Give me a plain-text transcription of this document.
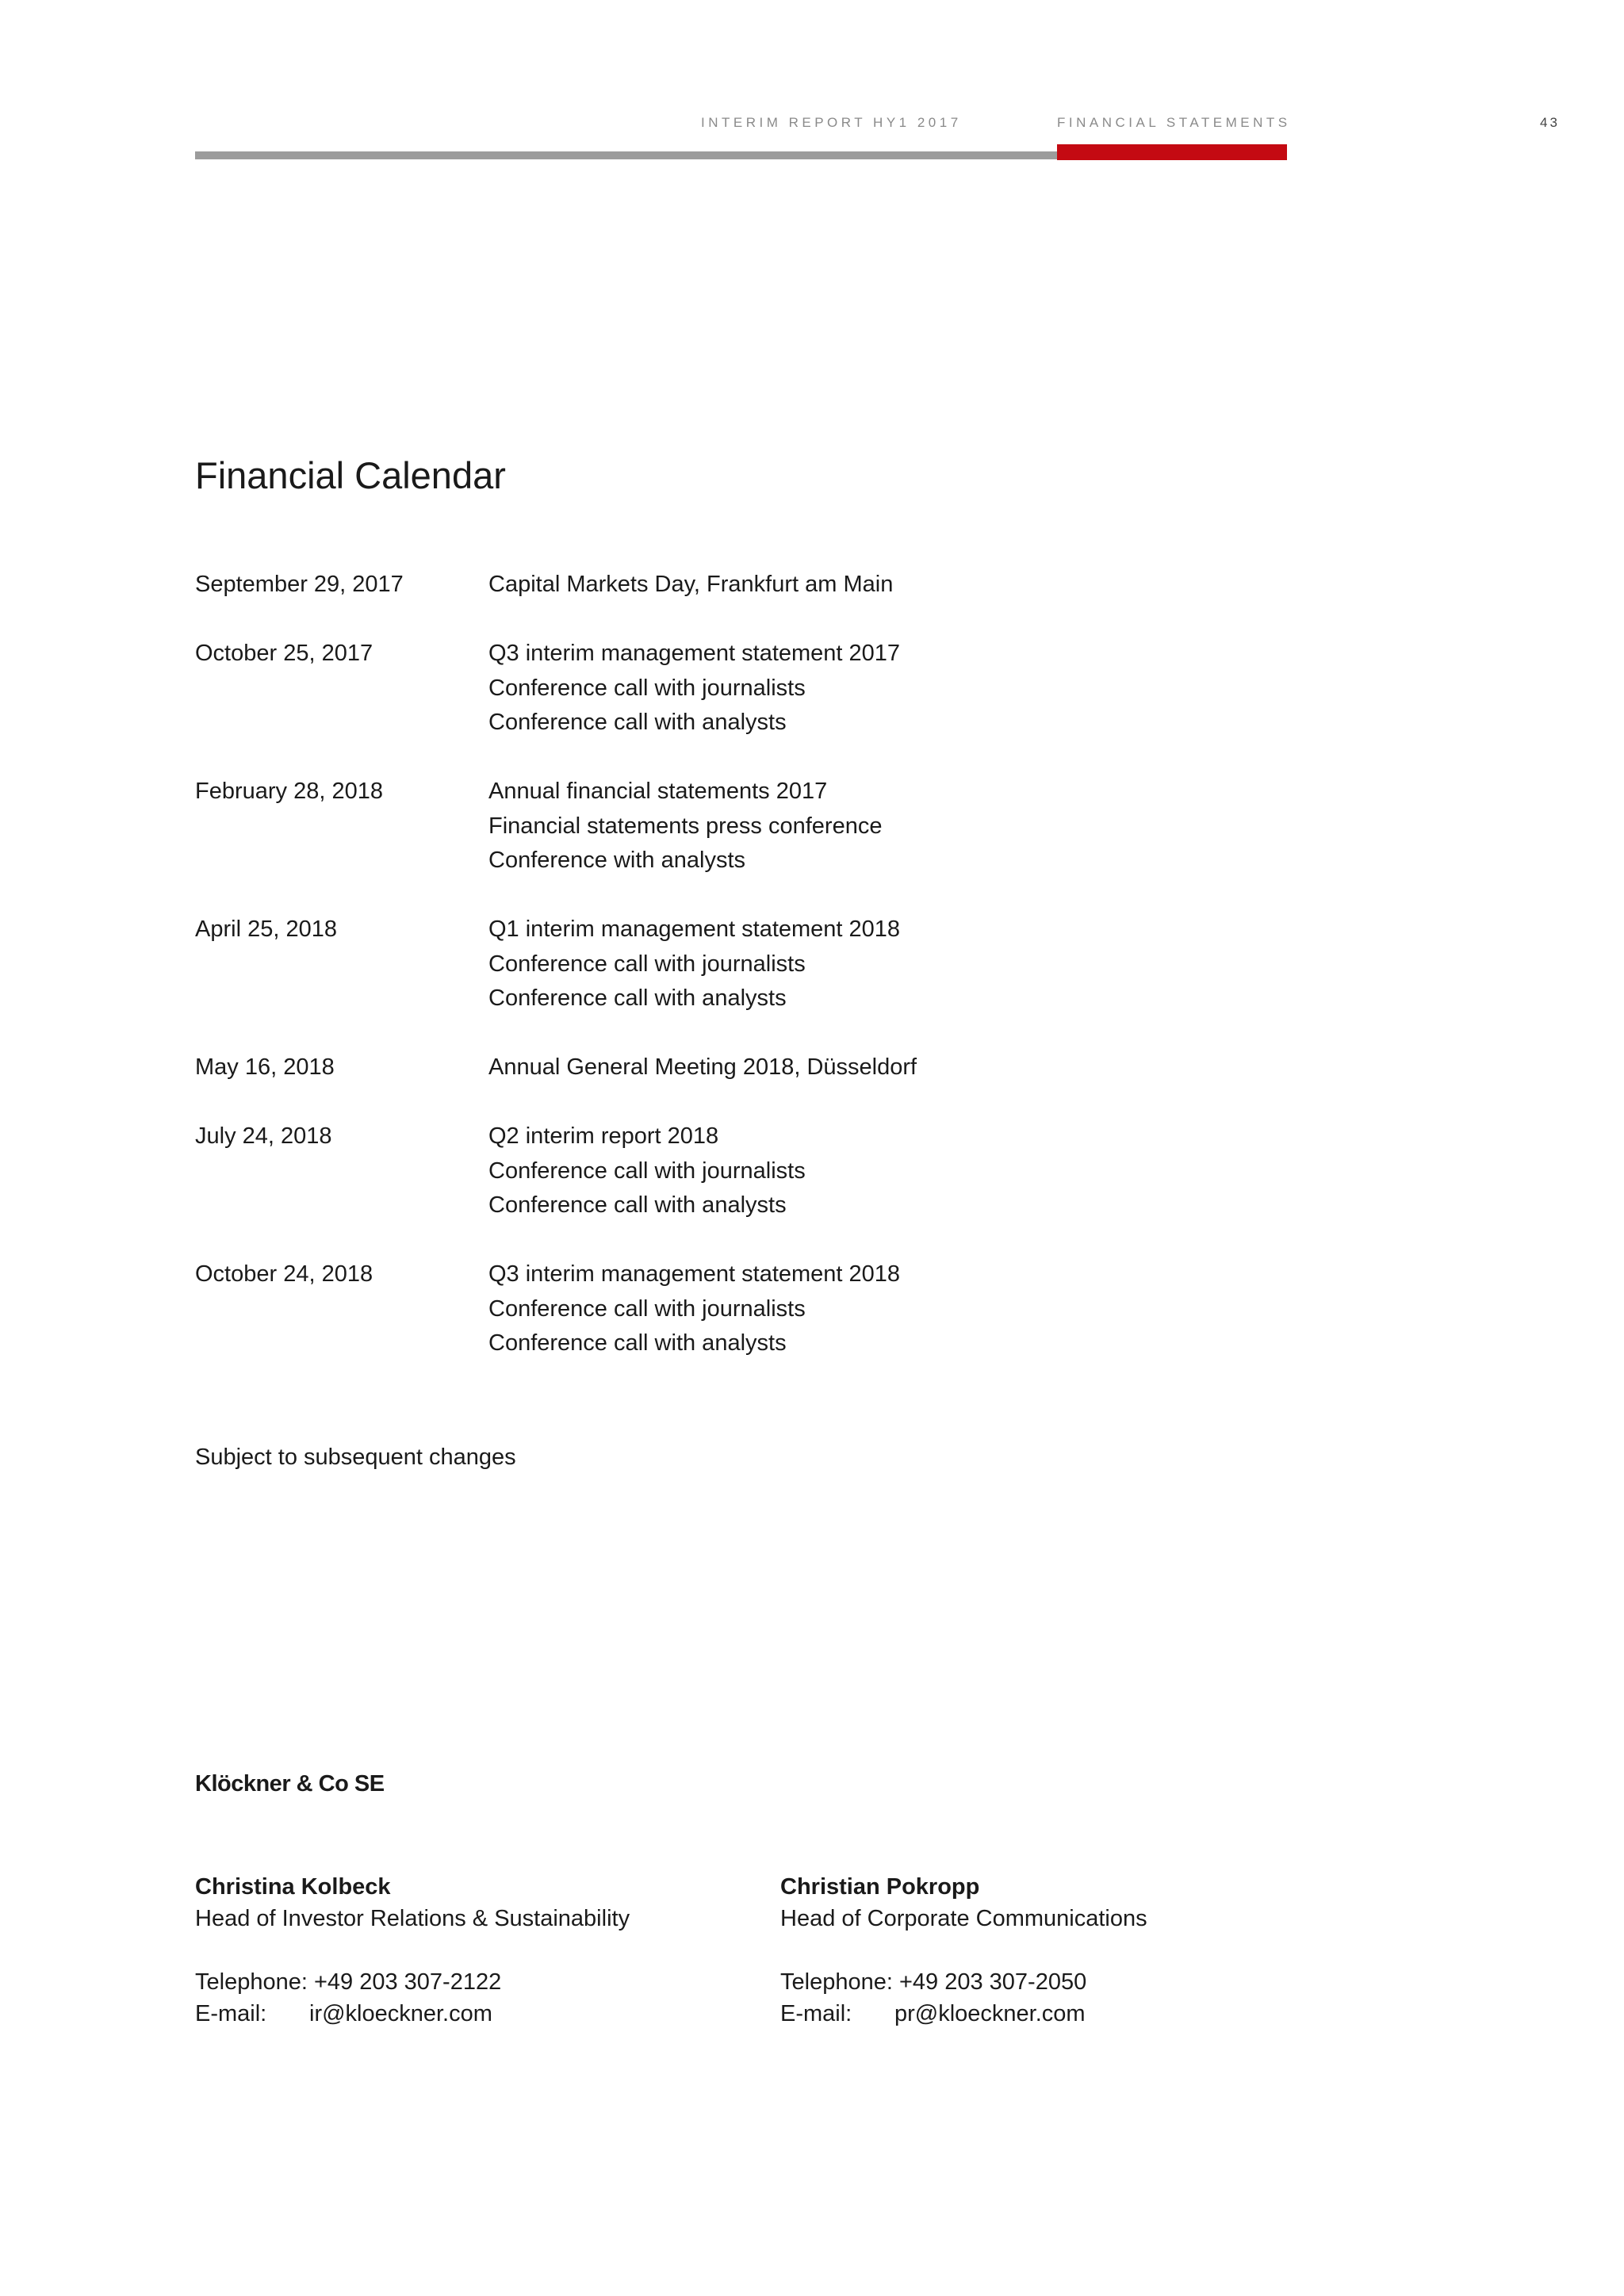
INTERIM REPORT HY1 2017	FINANCIAL STATEMENTS	43
Financial Calendar
September 29, 2017	Capital Markets Day, Frankfurt am Main
October 25, 2017	Q3 interim management statement 2017
Conference call with journalists
Conference call with analysts
February 28, 2018	Annual financial statements 2017
Financial statements press conference
Conference with analysts
April 25, 2018	Q1 interim management statement 2018
Conference call with journalists
Conference call with analysts
May 16, 2018	Annual General Meeting 2018, Düsseldorf
July 24, 2018	Q2 interim report 2018
Conference call with journalists
Conference call with analysts
October 24, 2018	Q3 interim management statement 2018
Conference call with journalists
Conference call with analysts
Subject to subsequent changes
Klöckner & Co SE
Christina Kolbeck
Head of Investor Relations & Sustainability
Telephone: +49 203 307-2122
E-mail:	ir@kloeckner.com
Christian Pokropp
Head of Corporate Communications
Telephone: +49 203 307-2050
E-mail:	pr@kloeckner.com
